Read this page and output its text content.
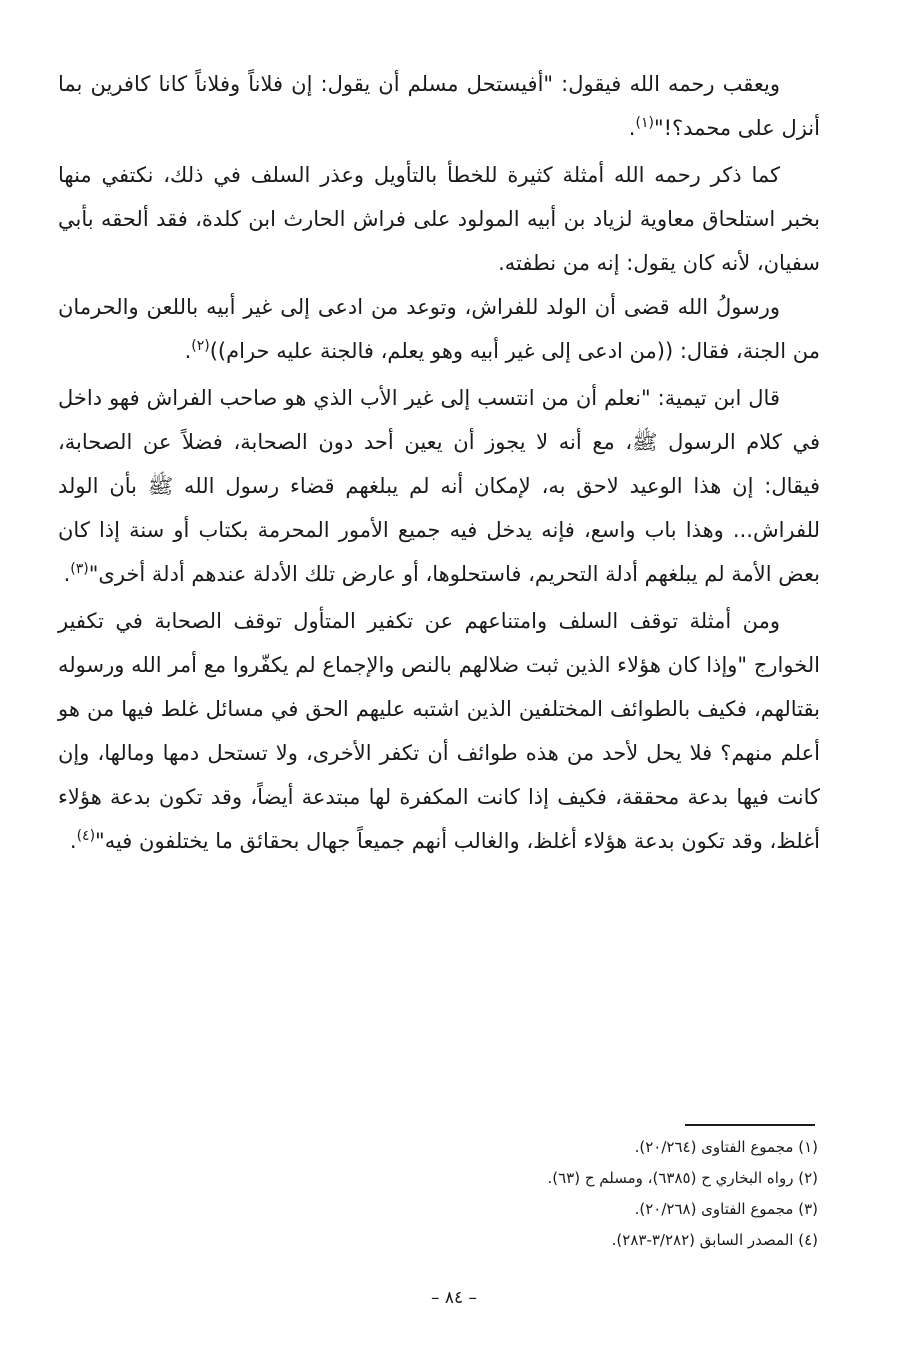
ويعقب رحمه الله فيقول: "أفيستحل مسلم أن يقول: إن فلاناً وفلاناً كانا كافرين بما أنزل على محمد؟!"$^{(١)}$.

كما ذكر رحمه الله أمثلة كثيرة للخطأ بالتأويل وعذر السلف في ذلك، نكتفي منها بخبر استلحاق معاوية لزياد بن أبيه المولود على فراش الحارث ابن كلدة، فقد ألحقه بأبي سفيان، لأنه كان يقول: إنه من نطفته.

ورسولُ الله قضى أن الولد للفراش، وتوعد من ادعى إلى غير أبيه باللعن والحرمان من الجنة، فقال: ((من ادعى إلى غير أبيه وهو يعلم، فالجنة عليه حرام))$^{(٢)}$.

قال ابن تيمية: "نعلم أن من انتسب إلى غير الأب الذي هو صاحب الفراش فهو داخل في كلام الرسول ﷺ، مع أنه لا يجوز أن يعين أحد دون الصحابة، فضلاً عن الصحابة، فيقال: إن هذا الوعيد لاحق به، لإمكان أنه لم يبلغهم قضاء رسول الله ﷺ بأن الولد للفراش... وهذا باب واسع، فإنه يدخل فيه جميع الأمور المحرمة بكتاب أو سنة إذا كان بعض الأمة لم يبلغهم أدلة التحريم، فاستحلوها، أو عارض تلك الأدلة عندهم أدلة أخرى"$^{(٣)}$.

ومن أمثلة توقف السلف وامتناعهم عن تكفير المتأول توقف الصحابة في تكفير الخوارج "وإذا كان هؤلاء الذين ثبت ضلالهم بالنص والإجماع لم يكفّروا مع أمر الله ورسوله بقتالهم، فكيف بالطوائف المختلفين الذين اشتبه عليهم الحق في مسائل غلط فيها من هو أعلم منهم؟ فلا يحل لأحد من هذه طوائف أن تكفر الأخرى، ولا تستحل دمها ومالها، وإن كانت فيها بدعة محققة، فكيف إذا كانت المكفرة لها مبتدعة أيضاً، وقد تكون بدعة هؤلاء أغلظ، وقد تكون بدعة هؤلاء أغلظ، والغالب أنهم جميعاً جهال بحقائق ما يختلفون فيه"$^{(٤)}$.

(١) مجموع الفتاوى (٢٠/٢٦٤).

(٢) رواه البخاري ح (٦٣٨٥)، ومسلم ح (٦٣).

(٣) مجموع الفتاوى (٢٠/٢٦٨).

(٤) المصدر السابق (٣/٢٨٢-٢٨٣).

– ٨٤ –
